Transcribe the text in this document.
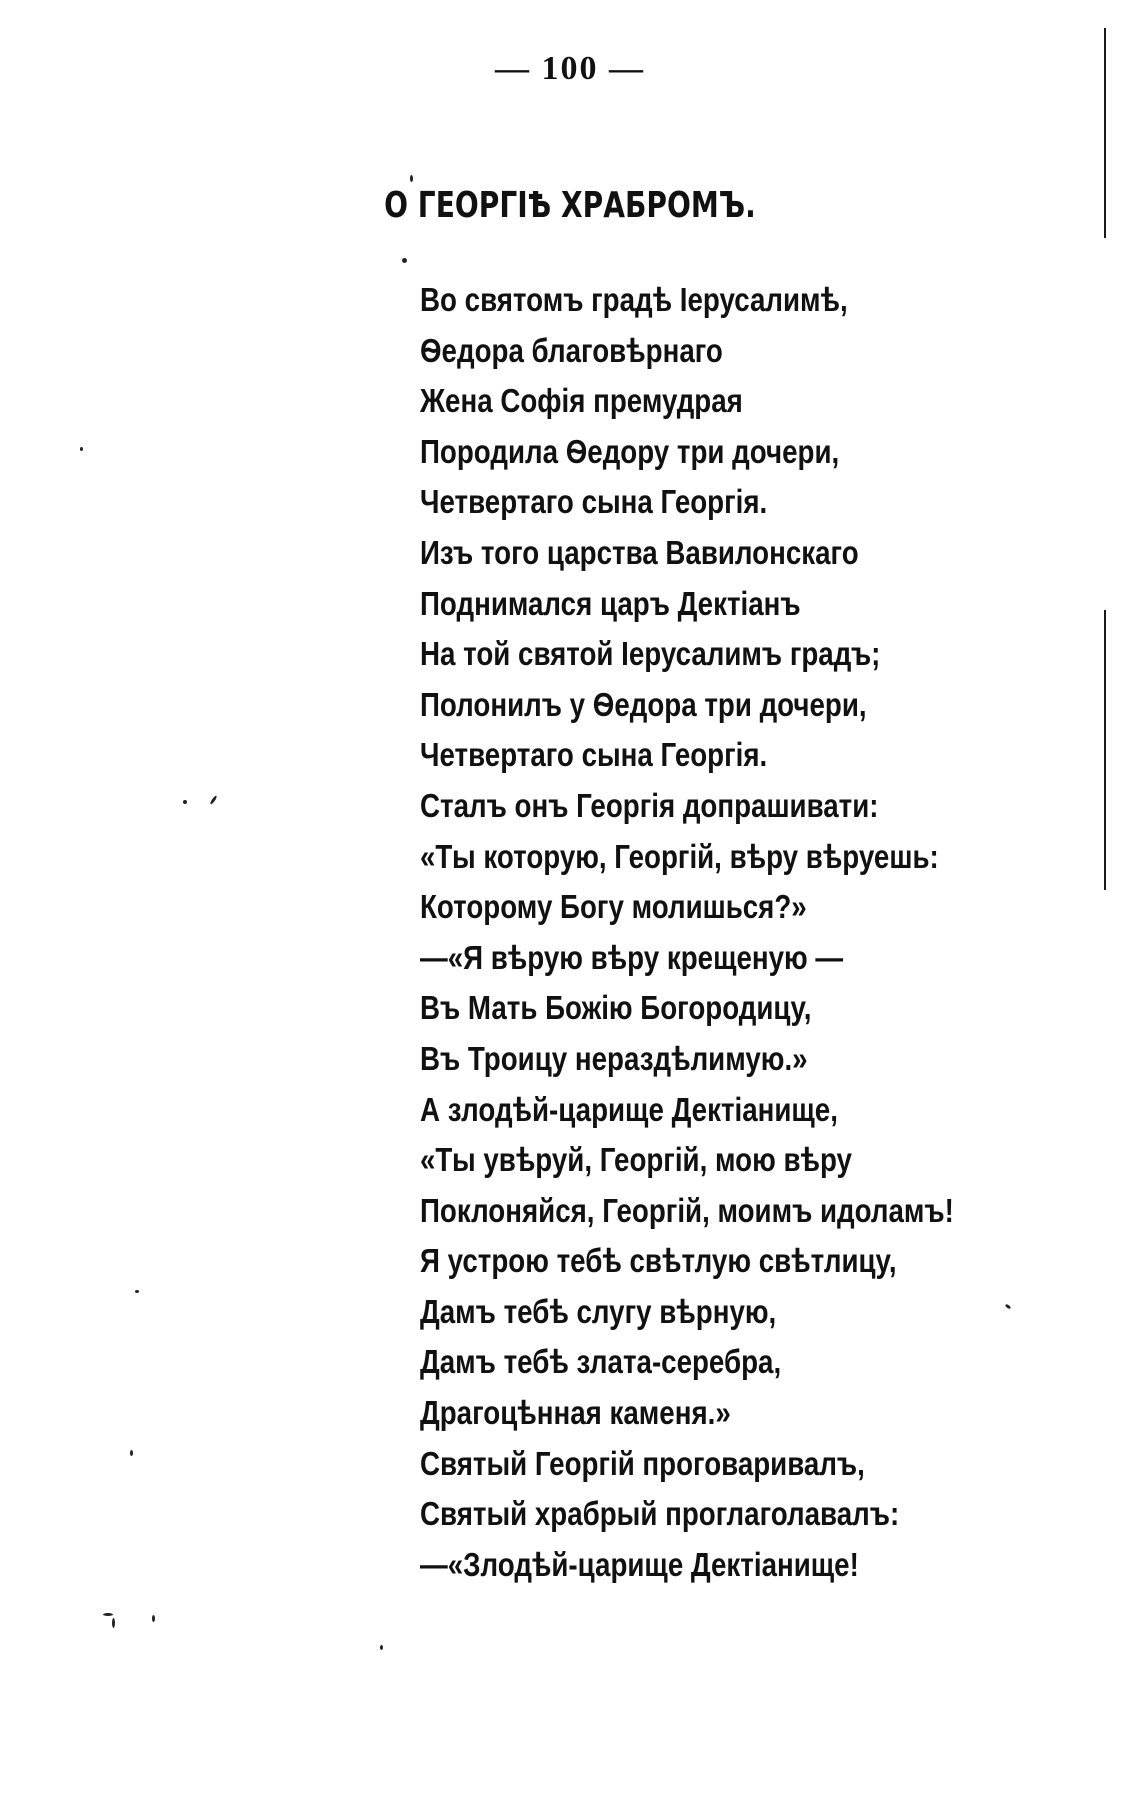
— 100 —
О ГЕОРГІѢ ХРАБРОМЪ.
Во святомъ градѣ Іерусалимѣ,
Ѳедора благовѣрнаго
Жена Софія премудрая
Породила Ѳедору три дочери,
Четвертаго сына Георгія.
Изъ того царства Вавилонскаго
Поднимался царъ Дектіанъ
На той святой Іерусалимъ градъ;
Полонилъ у Ѳедора три дочери,
Четвертаго сына Георгія.
Сталъ онъ Георгія допрашивати:
«Ты которую, Георгій, вѣру вѣруешь:
Которому Богу молишься?»
—«Я вѣрую вѣру крещеную —
Въ Мать Божію Богородицу,
Въ Троицу нераздѣлимую.»
А злодѣй-царище Дектіанище,
«Ты увѣруй, Георгій, мою вѣру
Поклоняйся, Георгій, моимъ идоламъ!
Я устрою тебѣ свѣтлую свѣтлицу,
Дамъ тебѣ слугу вѣрную,
Дамъ тебѣ злата-серебра,
Драгоцѣнная каменя.»
Святый Георгій проговаривалъ,
Святый храбрый проглаголавалъ:
—«Злодѣй-царище Дектіанище!
